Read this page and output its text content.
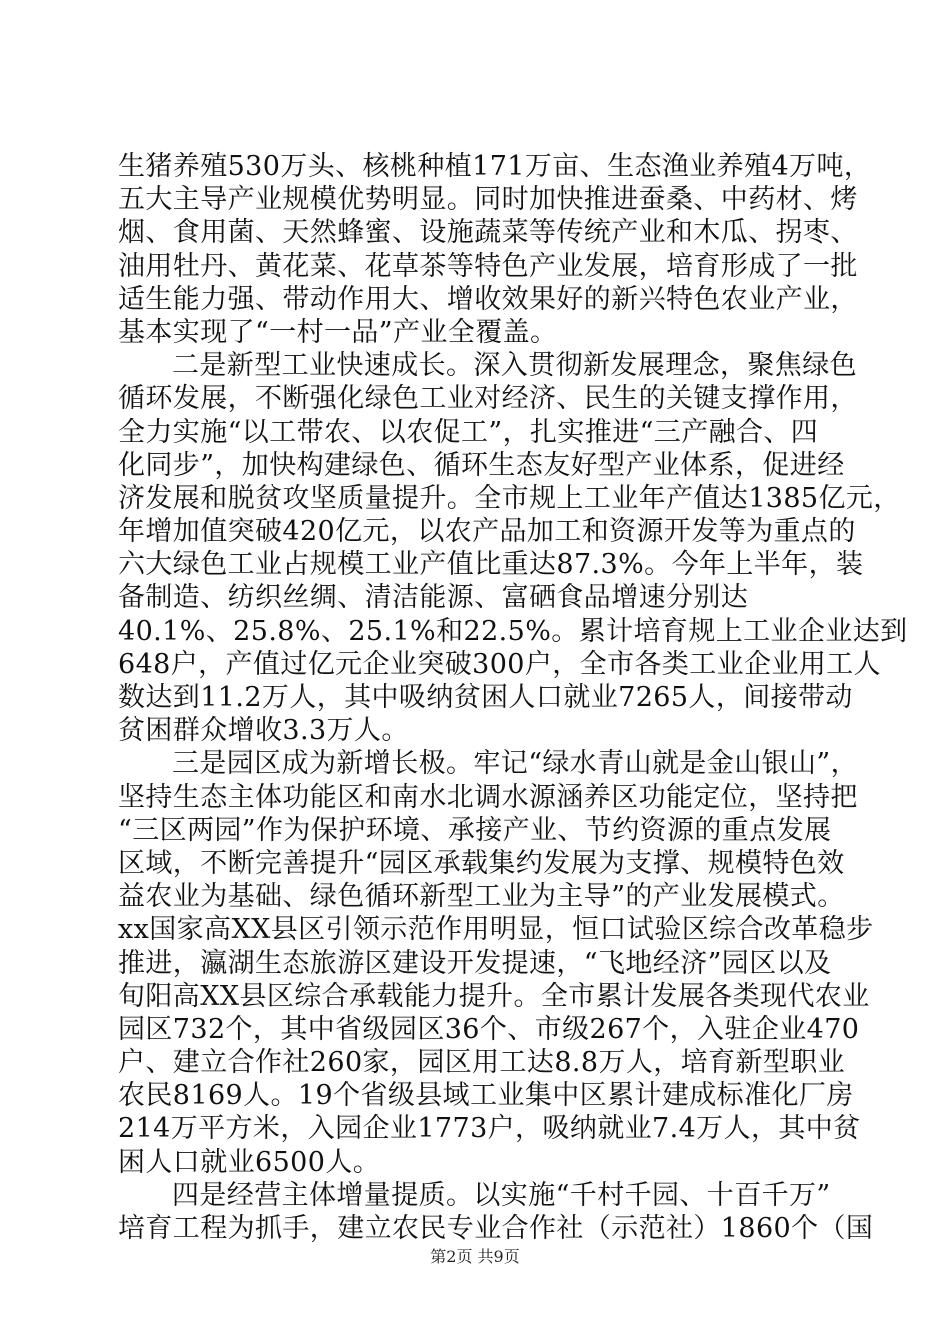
生猪养殖530万头、核桃种植171万亩、生态渔业养殖4万吨，
五大主导产业规模优势明显。同时加快推进蚕桑、中药材、烤
烟、食用菌、天然蜂蜜、设施蔬菜等传统产业和木瓜、拐枣、
油用牡丹、黄花菜、花草茶等特色产业发展，培育形成了一批
适生能力强、带动作用大、增收效果好的新兴特色农业产业，
基本实现了“一村一品”产业全覆盖。
二是新型工业快速成长。深入贯彻新发展理念，聚焦绿色
循环发展，不断强化绿色工业对经济、民生的关键支撑作用，
全力实施“以工带农、以农促工”，扎实推进“三产融合、四
化同步”，加快构建绿色、循环生态友好型产业体系，促进经
济发展和脱贫攻坚质量提升。全市规上工业年产值达1385亿元，
年增加值突破420亿元，以农产品加工和资源开发等为重点的
六大绿色工业占规模工业产值比重达87.3%。今年上半年，装
备制造、纺织丝绸、清洁能源、富硒食品增速分别达
40.1%、25.8%、25.1%和22.5%。累计培育规上工业企业达到
648户，产值过亿元企业突破300户，全市各类工业企业用工人
数达到11.2万人，其中吸纳贫困人口就业7265人，间接带动
贫困群众增收3.3万人。
三是园区成为新增长极。牢记“绿水青山就是金山银山”，
坚持生态主体功能区和南水北调水源涵养区功能定位，坚持把
“三区两园”作为保护环境、承接产业、节约资源的重点发展
区域，不断完善提升“园区承载集约发展为支撑、规模特色效
益农业为基础、绿色循环新型工业为主导”的产业发展模式。
xx国家高XX县区引领示范作用明显，恒口试验区综合改革稳步
推进，瀛湖生态旅游区建设开发提速，“飞地经济”园区以及
旬阳高XX县区综合承载能力提升。全市累计发展各类现代农业
园区732个，其中省级园区36个、市级267个，入驻企业470
户、建立合作社260家，园区用工达8.8万人，培育新型职业
农民8169人。19个省级县域工业集中区累计建成标准化厂房
214万平方米，入园企业1773户，吸纳就业7.4万人，其中贫
困人口就业6500人。
四是经营主体增量提质。以实施“千村千园、十百千万”
培育工程为抓手，建立农民专业合作社（示范社）1860个（国
第2页 共9页
